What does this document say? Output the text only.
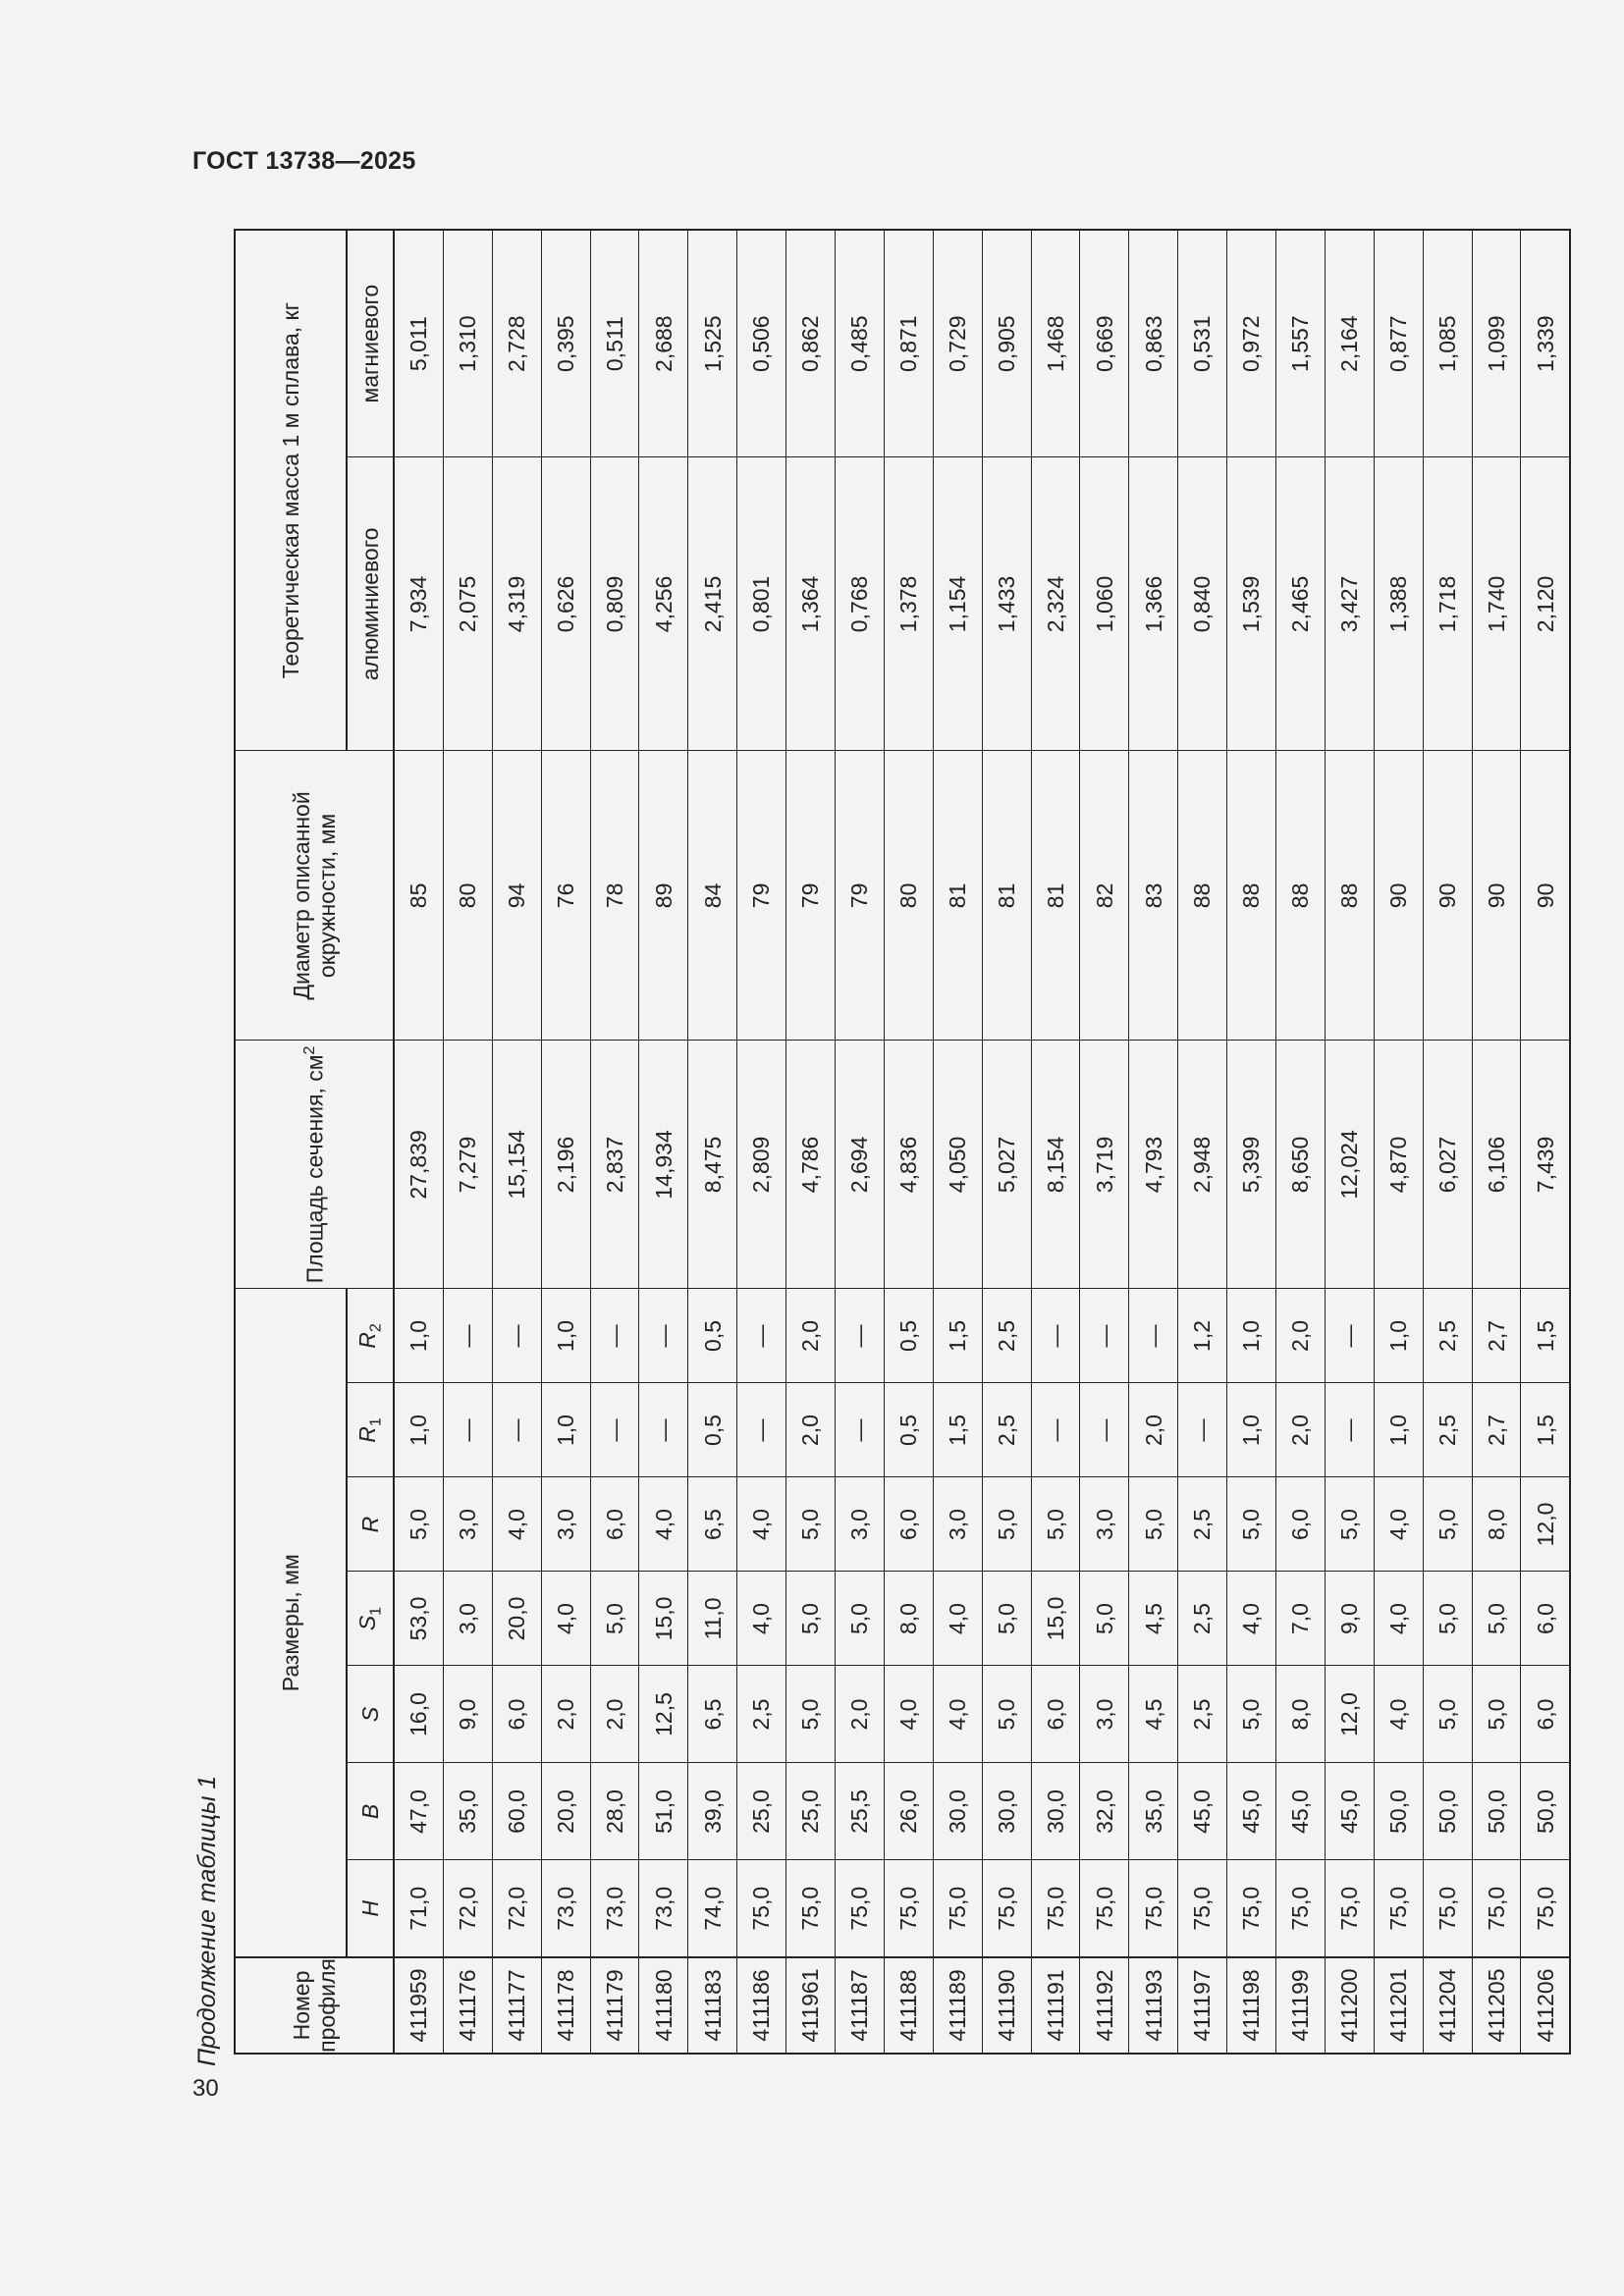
ГОСТ 13738—2025
Продолжение таблицы 1
30
Номер профиля	Размеры, мм							Площадь сечения, $см^2$	Диаметр описанной окружности, мм	Теоретическая масса 1 м сплава, кг	
	H	B	S	$S_1$	R	$R_1$	$R_2$			алюминиевого	магниевого
411959	71,0	47,0	16,0	53,0	5,0	1,0	1,0	27,839	85	7,934	5,011
411176	72,0	35,0	9,0	3,0	3,0	—	—	7,279	80	2,075	1,310
411177	72,0	60,0	6,0	20,0	4,0	—	—	15,154	94	4,319	2,728
411178	73,0	20,0	2,0	4,0	3,0	1,0	1,0	2,196	76	0,626	0,395
411179	73,0	28,0	2,0	5,0	6,0	—	—	2,837	78	0,809	0,511
411180	73,0	51,0	12,5	15,0	4,0	—	—	14,934	89	4,256	2,688
411183	74,0	39,0	6,5	11,0	6,5	0,5	0,5	8,475	84	2,415	1,525
411186	75,0	25,0	2,5	4,0	4,0	—	—	2,809	79	0,801	0,506
411961	75,0	25,0	5,0	5,0	5,0	2,0	2,0	4,786	79	1,364	0,862
411187	75,0	25,5	2,0	5,0	3,0	—	—	2,694	79	0,768	0,485
411188	75,0	26,0	4,0	8,0	6,0	0,5	0,5	4,836	80	1,378	0,871
411189	75,0	30,0	4,0	4,0	3,0	1,5	1,5	4,050	81	1,154	0,729
411190	75,0	30,0	5,0	5,0	5,0	2,5	2,5	5,027	81	1,433	0,905
411191	75,0	30,0	6,0	15,0	5,0	—	—	8,154	81	2,324	1,468
411192	75,0	32,0	3,0	5,0	3,0	—	—	3,719	82	1,060	0,669
411193	75,0	35,0	4,5	4,5	5,0	2,0	—	4,793	83	1,366	0,863
411197	75,0	45,0	2,5	2,5	2,5	—	1,2	2,948	88	0,840	0,531
411198	75,0	45,0	5,0	4,0	5,0	1,0	1,0	5,399	88	1,539	0,972
411199	75,0	45,0	8,0	7,0	6,0	2,0	2,0	8,650	88	2,465	1,557
411200	75,0	45,0	12,0	9,0	5,0	—	—	12,024	88	3,427	2,164
411201	75,0	50,0	4,0	4,0	4,0	1,0	1,0	4,870	90	1,388	0,877
411204	75,0	50,0	5,0	5,0	5,0	2,5	2,5	6,027	90	1,718	1,085
411205	75,0	50,0	5,0	5,0	8,0	2,7	2,7	6,106	90	1,740	1,099
411206	75,0	50,0	6,0	6,0	12,0	1,5	1,5	7,439	90	2,120	1,339
